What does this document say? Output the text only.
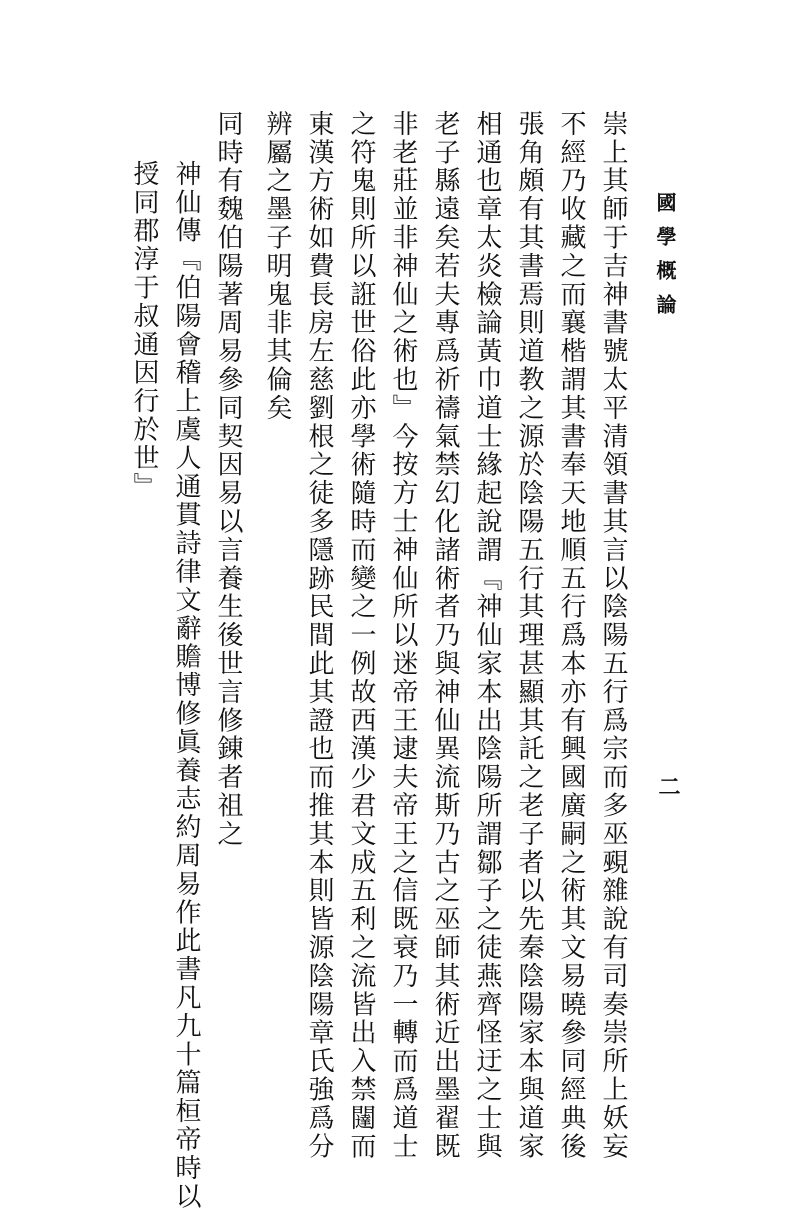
國學概論
二
崇上其師于吉神書號太平清領書其言以陰陽五行爲宗而多巫覡雜說有司奏崇所上妖妄
不經乃收藏之而襄楷謂其書奉天地順五行爲本亦有興國廣嗣之術其文易曉參同經典後
張角頗有其書焉則道教之源於陰陽五行其理甚顯其託之老子者以先秦陰陽家本與道家
相通也章太炎檢論黃巾道士緣起說謂『神仙家本出陰陽所謂鄒子之徒燕齊怪迂之士與
老子縣遠矣若夫專爲祈禱氣禁幻化諸術者乃與神仙異流斯乃古之巫師其術近出墨翟既
非老莊並非神仙之術也』今按方士神仙所以迷帝王逮夫帝王之信既衰乃一轉而爲道士
之符鬼則所以誑世俗此亦學術隨時而變之一例故西漢少君文成五利之流皆出入禁闥而
東漢方術如費長房左慈劉根之徒多隱跡民間此其證也而推其本則皆源陰陽章氏強爲分
辨屬之墨子明鬼非其倫矣
同時有魏伯陽著周易參同契因易以言養生後世言修錬者祖之
神仙傳『伯陽會稽上虞人通貫詩律文辭贍博修眞養志約周易作此書凡九十篇桓帝時以
授同郡淳于叔通因行於世』
